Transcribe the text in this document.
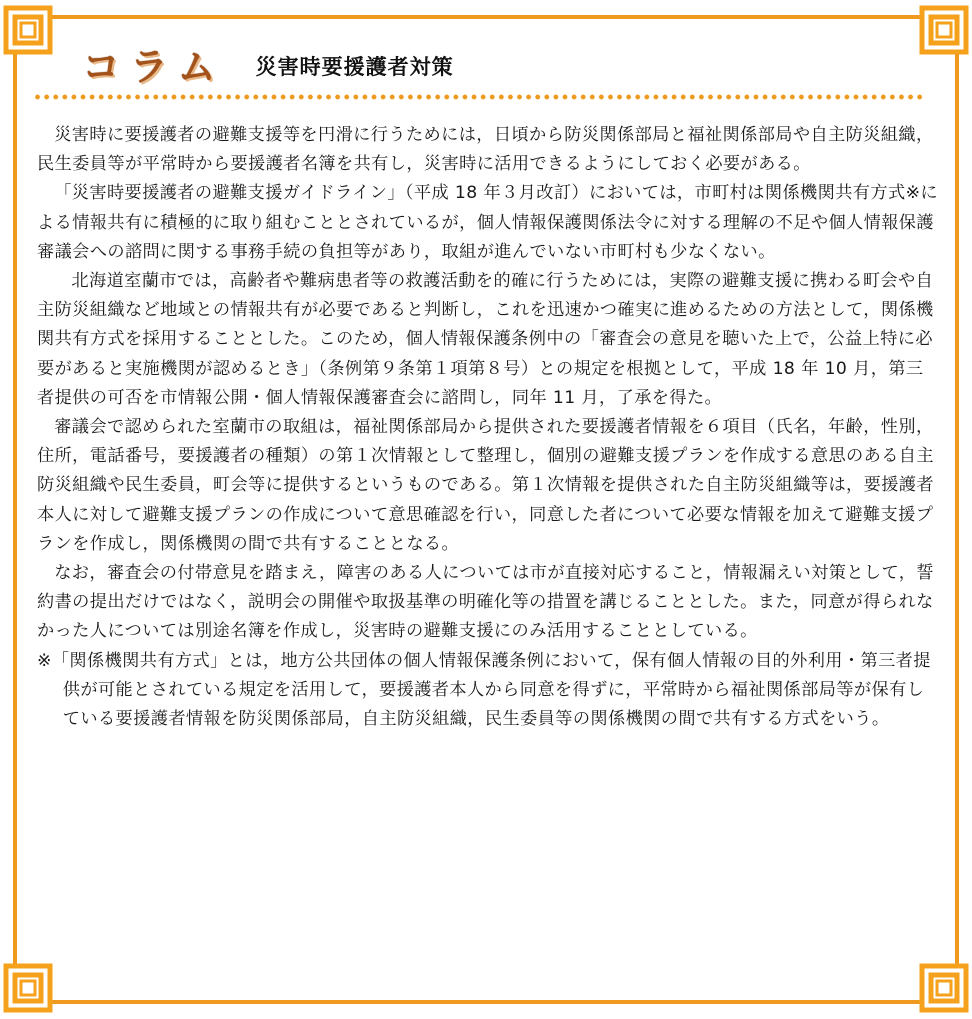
コラム 災害時要援護者対策

災害時に要援護者の避難支援等を円滑に行うためには，日頃から防災関係部局と福祉関係部局や自主防災組織，民生委員等が平常時から要援護者名簿を共有し，災害時に活用できるようにしておく必要がある。

「災害時要援護者の避難支援ガイドライン」（平成 18 年３月改訂）においては，市町村は関係機関共有方式※による情報共有に積極的に取り組むこととされているが，個人情報保護関係法令に対する理解の不足や個人情報保護審議会への諮問に関する事務手続の負担等があり，取組が進んでいない市町村も少なくない。

北海道室蘭市では，高齢者や難病患者等の救護活動を的確に行うためには，実際の避難支援に携わる町会や自主防災組織など地域との情報共有が必要であると判断し，これを迅速かつ確実に進めるための方法として，関係機関共有方式を採用することとした。このため，個人情報保護条例中の「審査会の意見を聴いた上で，公益上特に必要があると実施機関が認めるとき」（条例第９条第１項第８号）との規定を根拠として，平成 18 年 10 月，第三者提供の可否を市情報公開・個人情報保護審査会に諮問し，同年 11 月，了承を得た。

審議会で認められた室蘭市の取組は，福祉関係部局から提供された要援護者情報を６項目（氏名，年齢，性別，住所，電話番号，要援護者の種類）の第１次情報として整理し，個別の避難支援プランを作成する意思のある自主防災組織や民生委員，町会等に提供するというものである。第１次情報を提供された自主防災組織等は，要援護者本人に対して避難支援プランの作成について意思確認を行い，同意した者について必要な情報を加えて避難支援プランを作成し，関係機関の間で共有することとなる。

なお，審査会の付帯意見を踏まえ，障害のある人については市が直接対応すること，情報漏えい対策として，誓約書の提出だけではなく，説明会の開催や取扱基準の明確化等の措置を講じることとした。また，同意が得られなかった人については別途名簿を作成し，災害時の避難支援にのみ活用することとしている。

※「関係機関共有方式」とは，地方公共団体の個人情報保護条例において，保有個人情報の目的外利用・第三者提供が可能とされている規定を活用して，要援護者本人から同意を得ずに，平常時から福祉関係部局等が保有している要援護者情報を防災関係部局，自主防災組織，民生委員等の関係機関の間で共有する方式をいう。
